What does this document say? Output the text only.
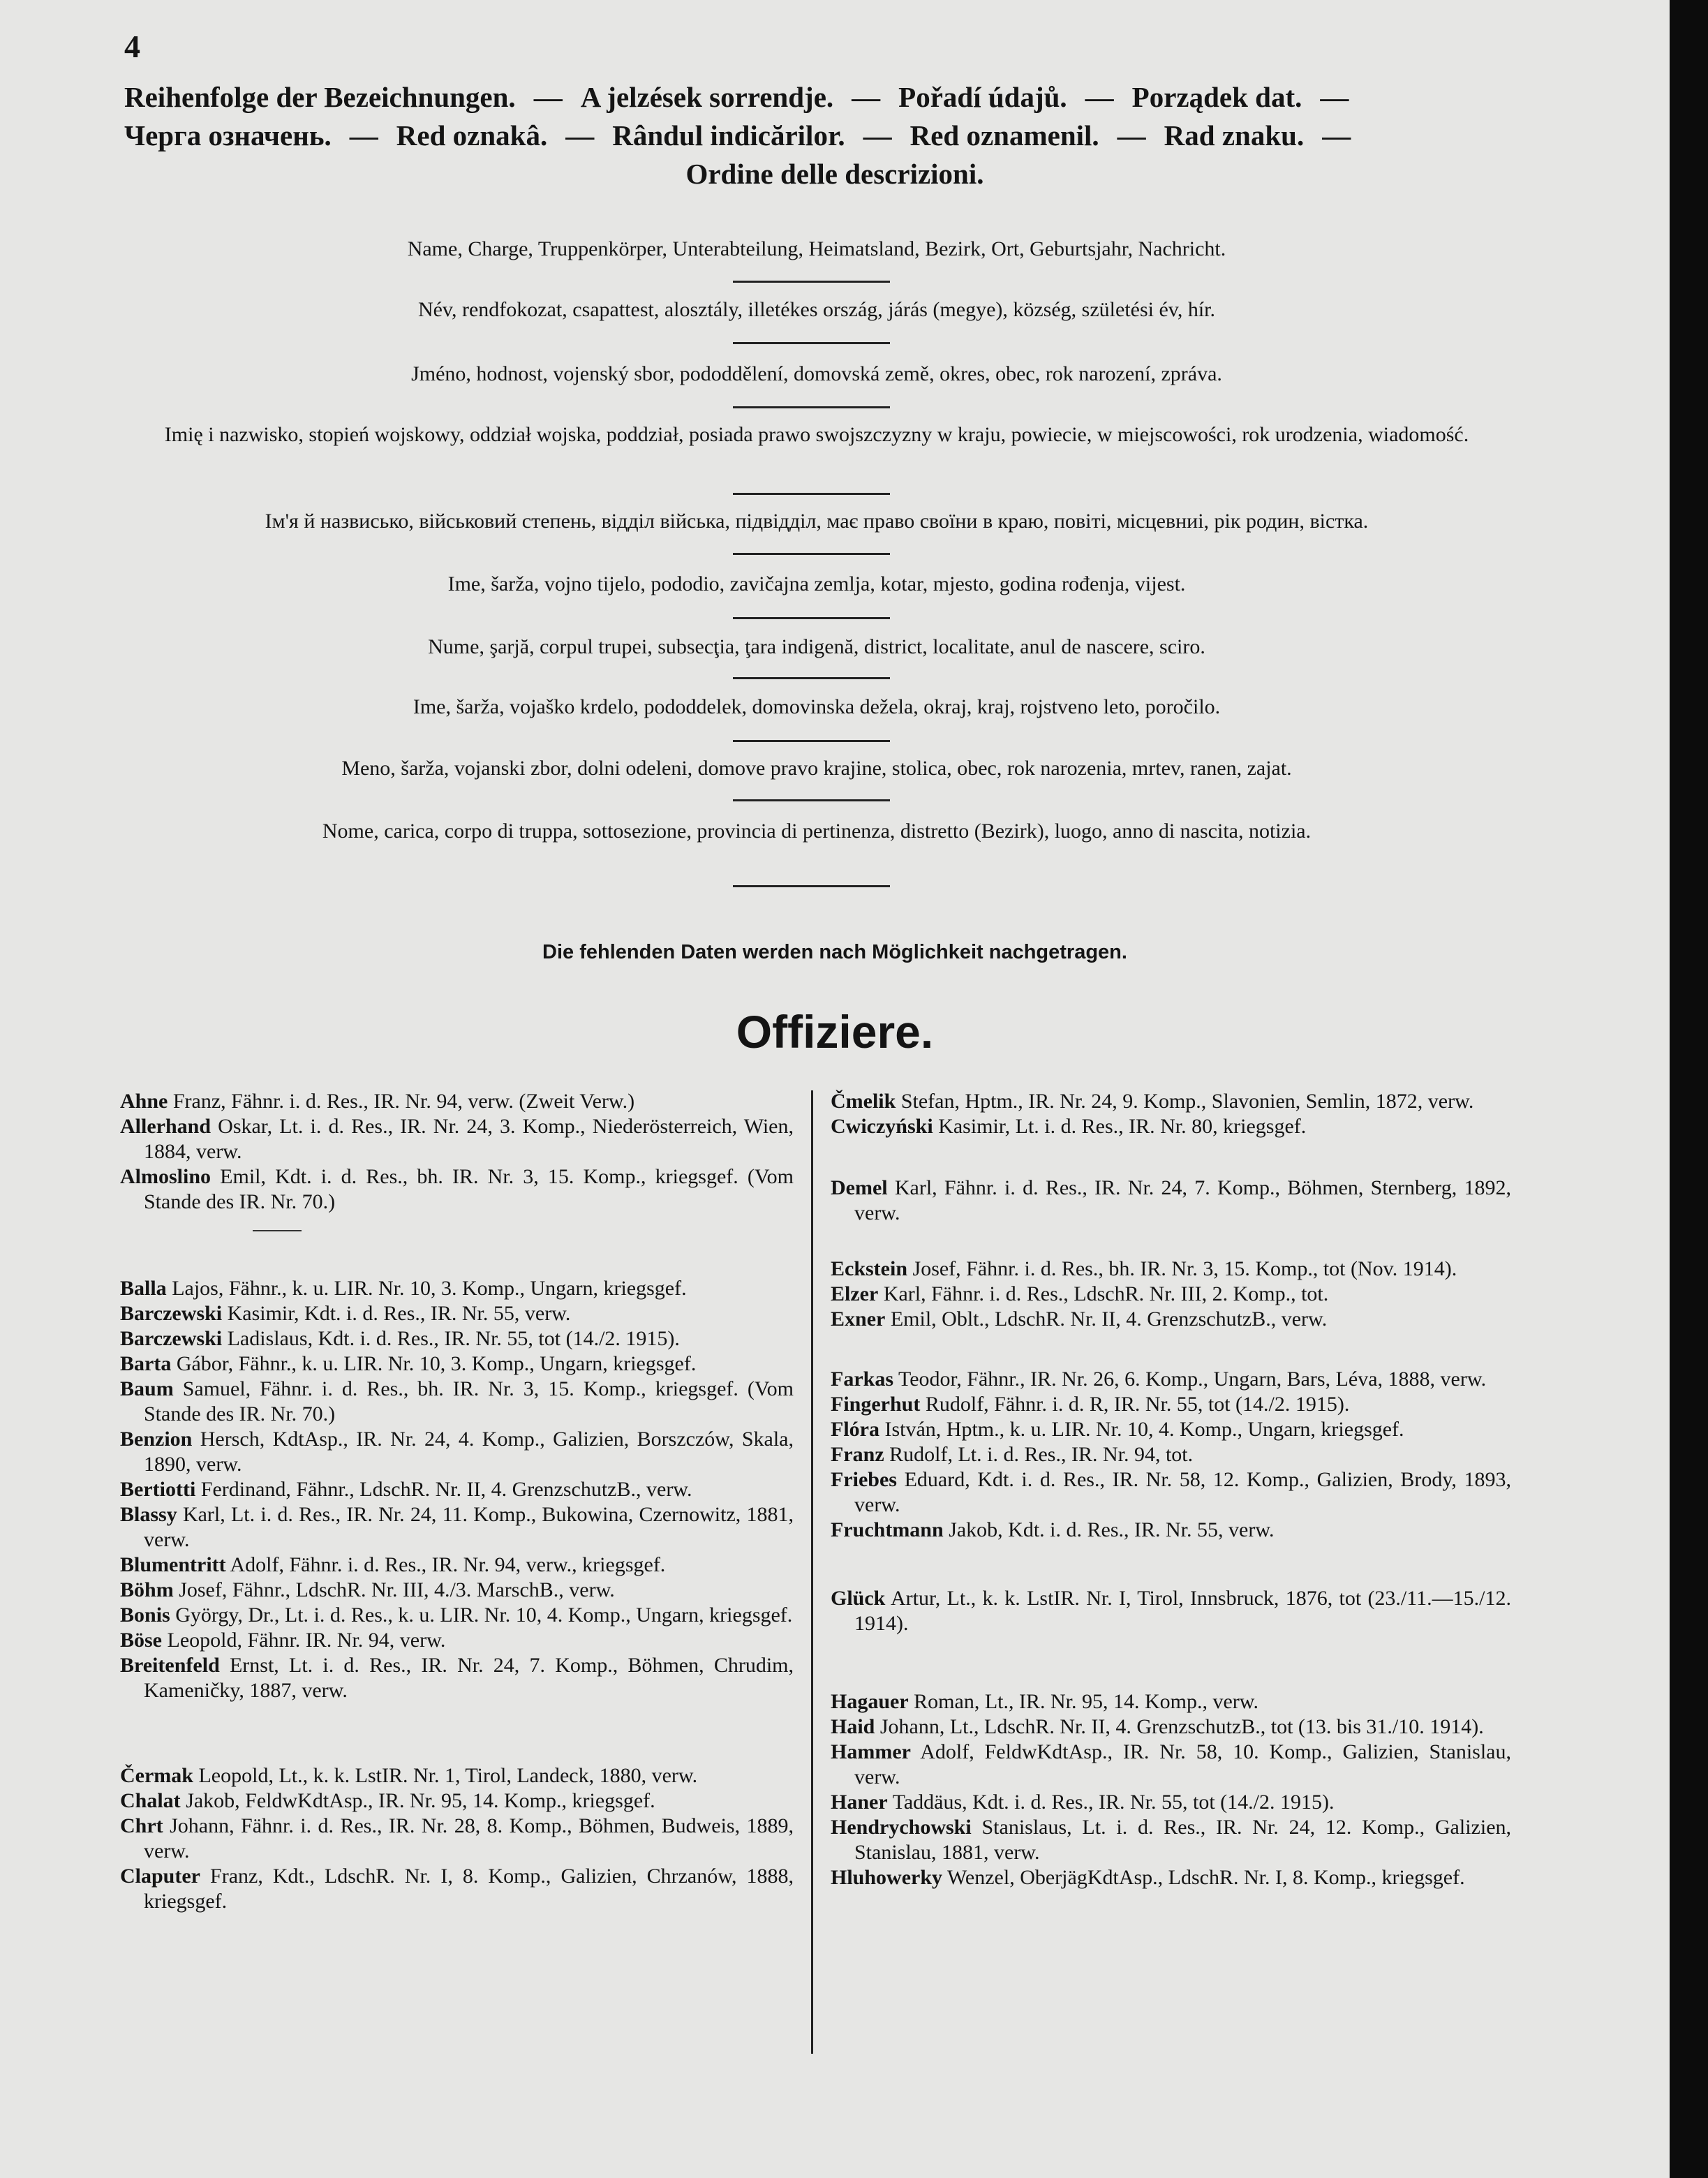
4
Reihenfolge der Bezeichnungen. — A jelzések sorrendje. — Pořadí údajů. — Porządek dat. —
Черга означень. — Red oznakâ. — Rândul indicărilor. — Red oznamenil. — Rad znaku. —
Ordine delle descrizioni.
Name, Charge, Truppenkörper, Unterabteilung, Heimatsland, Bezirk, Ort, Geburtsjahr, Nachricht.
Név, rendfokozat, csapattest, alosztály, illetékes ország, járás (megye), község, születési év, hír.
Jméno, hodnost, vojenský sbor, pododdělení, domovská země, okres, obec, rok narození, zpráva.
Imię i nazwisko, stopień wojskowy, oddział wojska, poddział, posiada prawo swojszczyzny w kraju, powiecie, w miejscowości, rok urodzenia, wiadomość.
Ім'я й назвисько, військовий степень, відділ війська, підвідділ, має право своїни в краю, повіті, місцевниі, рік родин, вістка.
Ime, šarža, vojno tijelo, pododio, zavičajna zemlja, kotar, mjesto, godina rođenja, vijest.
Nume, şarjă, corpul trupei, subsecţia, ţara indigenă, district, localitate, anul de nascere, sciro.
Ime, šarža, vojaško krdelo, pododdelek, domovinska dežela, okraj, kraj, rojstveno leto, poročilo.
Meno, šarža, vojanski zbor, dolni odeleni, domove pravo krajine, stolica, obec, rok narozenia, mrtev, ranen, zajat.
Nome, carica, corpo di truppa, sottosezione, provincia di pertinenza, distretto (Bezirk), luogo, anno di nascita, notizia.
Die fehlenden Daten werden nach Möglichkeit nachgetragen.
Offiziere.
Ahne Franz, Fähnr. i. d. Res., IR. Nr. 94, verw. (Zweit Verw.)
Allerhand Oskar, Lt. i. d. Res., IR. Nr. 24, 3. Komp., Niederösterreich, Wien, 1884, verw.
Almoslino Emil, Kdt. i. d. Res., bh. IR. Nr. 3, 15. Komp., kriegsgef. (Vom Stande des IR. Nr. 70.)
Balla Lajos, Fähnr., k. u. LIR. Nr. 10, 3. Komp., Ungarn, kriegsgef.
Barczewski Kasimir, Kdt. i. d. Res., IR. Nr. 55, verw.
Barczewski Ladislaus, Kdt. i. d. Res., IR. Nr. 55, tot (14./2. 1915).
Barta Gábor, Fähnr., k. u. LIR. Nr. 10, 3. Komp., Ungarn, kriegsgef.
Baum Samuel, Fähnr. i. d. Res., bh. IR. Nr. 3, 15. Komp., kriegsgef. (Vom Stande des IR. Nr. 70.)
Benzion Hersch, KdtAsp., IR. Nr. 24, 4. Komp., Galizien, Borszczów, Skala, 1890, verw.
Bertiotti Ferdinand, Fähnr., LdschR. Nr. II, 4. GrenzschutzB., verw.
Blassy Karl, Lt. i. d. Res., IR. Nr. 24, 11. Komp., Bukowina, Czernowitz, 1881, verw.
Blumentritt Adolf, Fähnr. i. d. Res., IR. Nr. 94, verw., kriegsgef.
Böhm Josef, Fähnr., LdschR. Nr. III, 4./3. MarschB., verw.
Bonis György, Dr., Lt. i. d. Res., k. u. LIR. Nr. 10, 4. Komp., Ungarn, kriegsgef.
Böse Leopold, Fähnr. IR. Nr. 94, verw.
Breitenfeld Ernst, Lt. i. d. Res., IR. Nr. 24, 7. Komp., Böhmen, Chrudim, Kameničky, 1887, verw.
Čermak Leopold, Lt., k. k. LstIR. Nr. 1, Tirol, Landeck, 1880, verw.
Chalat Jakob, FeldwKdtAsp., IR. Nr. 95, 14. Komp., kriegsgef.
Chrt Johann, Fähnr. i. d. Res., IR. Nr. 28, 8. Komp., Böhmen, Budweis, 1889, verw.
Claputer Franz, Kdt., LdschR. Nr. I, 8. Komp., Galizien, Chrzanów, 1888, kriegsgef.
Čmelik Stefan, Hptm., IR. Nr. 24, 9. Komp., Slavonien, Semlin, 1872, verw.
Cwiczyński Kasimir, Lt. i. d. Res., IR. Nr. 80, kriegsgef.
Demel Karl, Fähnr. i. d. Res., IR. Nr. 24, 7. Komp., Böhmen, Sternberg, 1892, verw.
Eckstein Josef, Fähnr. i. d. Res., bh. IR. Nr. 3, 15. Komp., tot (Nov. 1914).
Elzer Karl, Fähnr. i. d. Res., LdschR. Nr. III, 2. Komp., tot.
Exner Emil, Oblt., LdschR. Nr. II, 4. GrenzschutzB., verw.
Farkas Teodor, Fähnr., IR. Nr. 26, 6. Komp., Ungarn, Bars, Léva, 1888, verw.
Fingerhut Rudolf, Fähnr. i. d. R, IR. Nr. 55, tot (14./2. 1915).
Flóra István, Hptm., k. u. LIR. Nr. 10, 4. Komp., Ungarn, kriegsgef.
Franz Rudolf, Lt. i. d. Res., IR. Nr. 94, tot.
Friebes Eduard, Kdt. i. d. Res., IR. Nr. 58, 12. Komp., Galizien, Brody, 1893, verw.
Fruchtmann Jakob, Kdt. i. d. Res., IR. Nr. 55, verw.
Glück Artur, Lt., k. k. LstIR. Nr. I, Tirol, Innsbruck, 1876, tot (23./11.—15./12. 1914).
Hagauer Roman, Lt., IR. Nr. 95, 14. Komp., verw.
Haid Johann, Lt., LdschR. Nr. II, 4. GrenzschutzB., tot (13. bis 31./10. 1914).
Hammer Adolf, FeldwKdtAsp., IR. Nr. 58, 10. Komp., Galizien, Stanislau, verw.
Haner Taddäus, Kdt. i. d. Res., IR. Nr. 55, tot (14./2. 1915).
Hendrychowski Stanislaus, Lt. i. d. Res., IR. Nr. 24, 12. Komp., Galizien, Stanislau, 1881, verw.
Hluhowerky Wenzel, OberjägKdtAsp., LdschR. Nr. I, 8. Komp., kriegsgef.
